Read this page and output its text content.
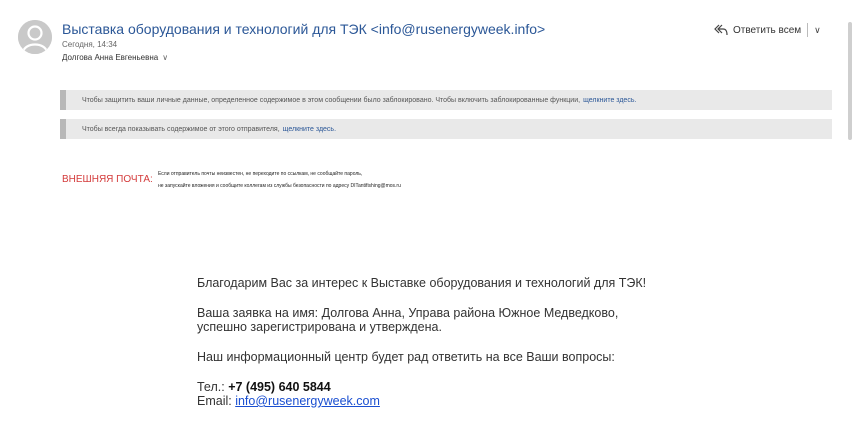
Выставка оборудования и технологий для ТЭК <info@rusenergyweek.info>
Сегодня, 14:34
Долгова Анна Евгеньевна ∨
Ответить всем ∨
Чтобы защитить ваши личные данные, определенное содержимое в этом сообщении было заблокировано. Чтобы включить заблокированные функции, щелкните здесь.
Чтобы всегда показывать содержимое от этого отправителя, щелкните здесь.
ВНЕШНЯЯ ПОЧТА: Если отправитель почты неизвестен, не переходите по ссылкам, не сообщайте пароль,
не запускайте вложения и сообщите коллегам из службы безопасности по адресу DITantifishing@mos.ru

Благодарим Вас за интерес к Выставке оборудования и технологий для ТЭК!

Ваша заявка на имя: Долгова Анна, Управа района Южное Медведково,
успешно зарегистрирована и утверждена.

Наш информационный центр будет рад ответить на все Ваши вопросы:

Тел.: +7 (495) 640 5844
Email: info@rusenergyweek.com
